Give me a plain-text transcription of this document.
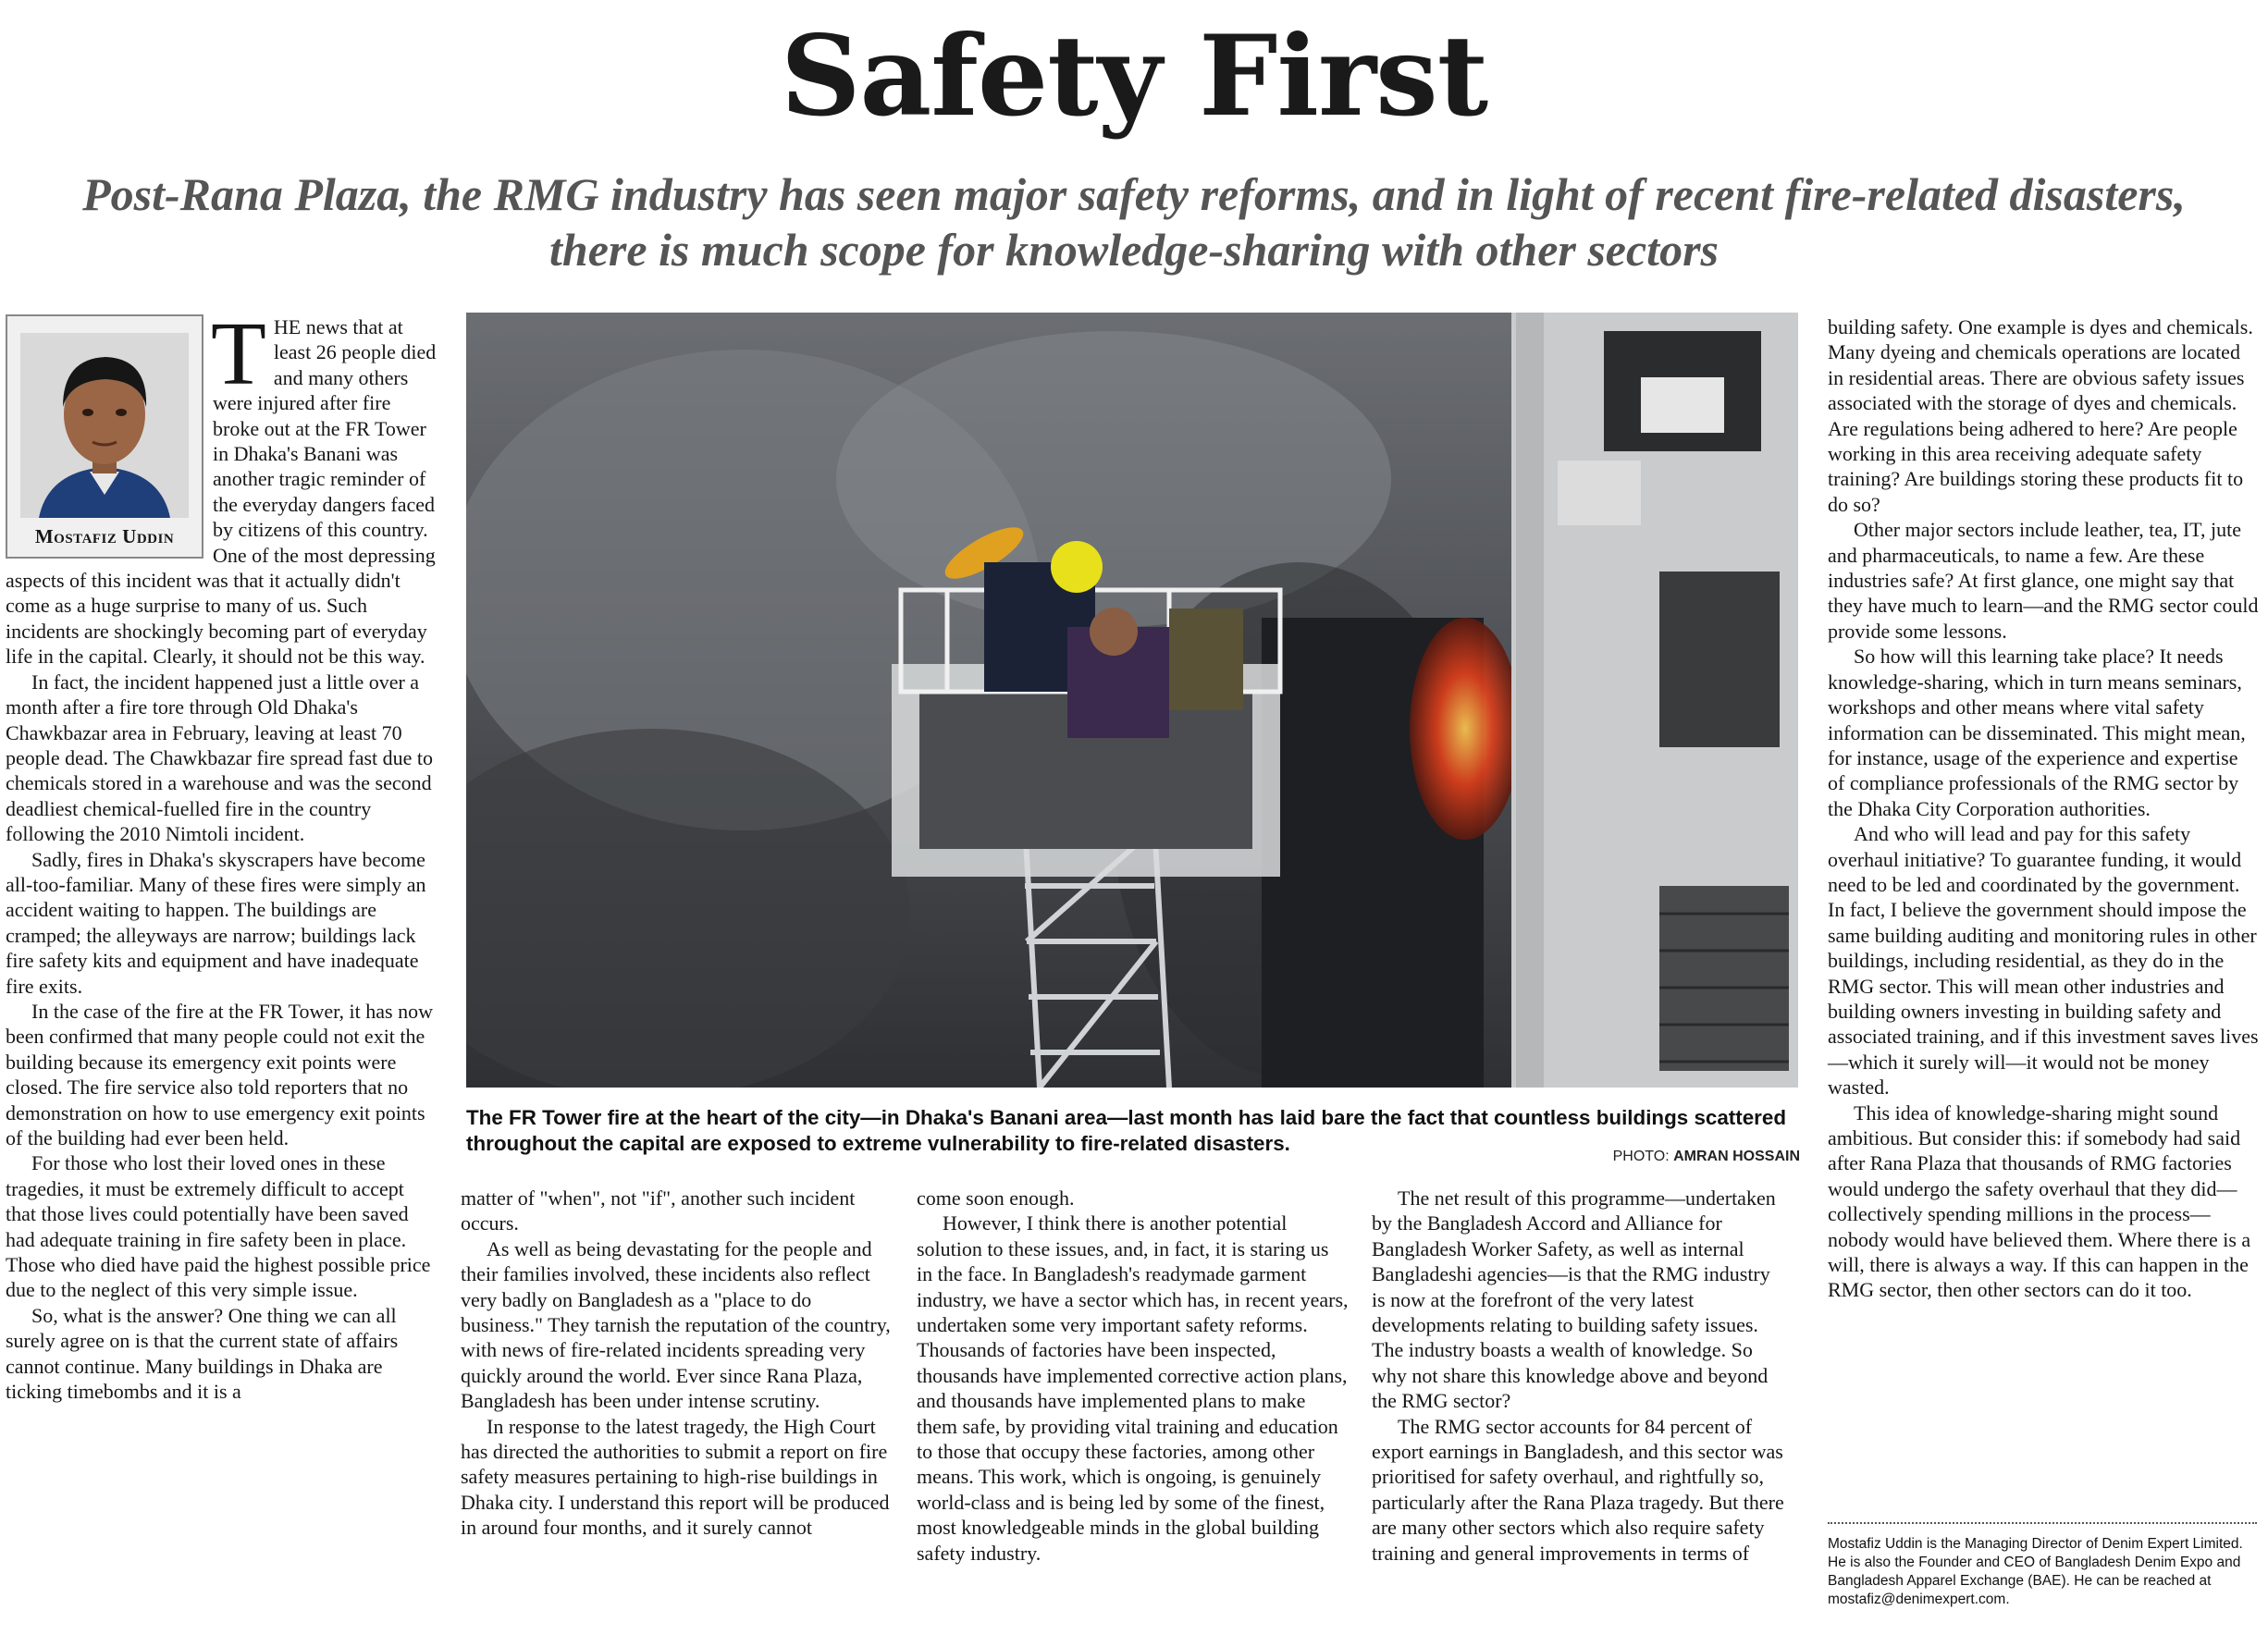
Safety First
Post-Rana Plaza, the RMG industry has seen major safety reforms, and in light of recent fire-related disasters, there is much scope for knowledge-sharing with other sectors
Mostafiz Uddin

THE news that at least 26 people died and many others were injured after fire broke out at the FR Tower in Dhaka's Banani was another tragic reminder of the everyday dangers faced by citizens of this country. One of the most depressing aspects of this incident was that it actually didn't come as a huge surprise to many of us. Such incidents are shockingly becoming part of everyday life in the capital. Clearly, it should not be this way.

In fact, the incident happened just a little over a month after a fire tore through Old Dhaka's Chawkbazar area in February, leaving at least 70 people dead. The Chawkbazar fire spread fast due to chemicals stored in a warehouse and was the second deadliest chemical-fuelled fire in the country following the 2010 Nimtoli incident.

Sadly, fires in Dhaka's skyscrapers have become all-too-familiar. Many of these fires were simply an accident waiting to happen. The buildings are cramped; the alleyways are narrow; buildings lack fire safety kits and equipment and have inadequate fire exits.

In the case of the fire at the FR Tower, it has now been confirmed that many people could not exit the building because its emergency exit points were closed. The fire service also told reporters that no demonstration on how to use emergency exit points of the building had ever been held.

For those who lost their loved ones in these tragedies, it must be extremely difficult to accept that those lives could potentially have been saved had adequate training in fire safety been in place. Those who died have paid the highest possible price due to the neglect of this very simple issue.

So, what is the answer? One thing we can all surely agree on is that the current state of affairs cannot continue. Many buildings in Dhaka are ticking timebombs and it is a

The FR Tower fire at the heart of the city—in Dhaka's Banani area—last month has laid bare the fact that countless buildings scattered throughout the capital are exposed to extreme vulnerability to fire-related disasters.
PHOTO: AMRAN HOSSAIN

matter of "when", not "if", another such incident occurs.

As well as being devastating for the people and their families involved, these incidents also reflect very badly on Bangladesh as a "place to do business." They tarnish the reputation of the country, with news of fire-related incidents spreading very quickly around the world. Ever since Rana Plaza, Bangladesh has been under intense scrutiny.

In response to the latest tragedy, the High Court has directed the authorities to submit a report on fire safety measures pertaining to high-rise buildings in Dhaka city. I understand this report will be produced in around four months, and it surely cannot

come soon enough.

However, I think there is another potential solution to these issues, and, in fact, it is staring us in the face. In Bangladesh's readymade garment industry, we have a sector which has, in recent years, undertaken some very important safety reforms. Thousands of factories have been inspected, thousands have implemented corrective action plans, and thousands have implemented plans to make them safe, by providing vital training and education to those that occupy these factories, among other means. This work, which is ongoing, is genuinely world-class and is being led by some of the finest, most knowledgeable minds in the global building safety industry.

The net result of this programme—undertaken by the Bangladesh Accord and Alliance for Bangladesh Worker Safety, as well as internal Bangladeshi agencies—is that the RMG industry is now at the forefront of the very latest developments relating to building safety issues. The industry boasts a wealth of knowledge. So why not share this knowledge above and beyond the RMG sector?

The RMG sector accounts for 84 percent of export earnings in Bangladesh, and this sector was prioritised for safety overhaul, and rightfully so, particularly after the Rana Plaza tragedy. But there are many other sectors which also require safety training and general improvements in terms of

building safety. One example is dyes and chemicals. Many dyeing and chemicals operations are located in residential areas. There are obvious safety issues associated with the storage of dyes and chemicals. Are regulations being adhered to here? Are people working in this area receiving adequate safety training? Are buildings storing these products fit to do so?

Other major sectors include leather, tea, IT, jute and pharmaceuticals, to name a few. Are these industries safe? At first glance, one might say that they have much to learn—and the RMG sector could provide some lessons.

So how will this learning take place? It needs knowledge-sharing, which in turn means seminars, workshops and other means where vital safety information can be disseminated. This might mean, for instance, usage of the experience and expertise of compliance professionals of the RMG sector by the Dhaka City Corporation authorities.

And who will lead and pay for this safety overhaul initiative? To guarantee funding, it would need to be led and coordinated by the government. In fact, I believe the government should impose the same building auditing and monitoring rules in other buildings, including residential, as they do in the RMG sector. This will mean other industries and building owners investing in building safety and associated training, and if this investment saves lives—which it surely will—it would not be money wasted.

This idea of knowledge-sharing might sound ambitious. But consider this: if somebody had said after Rana Plaza that thousands of RMG factories would undergo the safety overhaul that they did—collectively spending millions in the process—nobody would have believed them. Where there is a will, there is always a way. If this can happen in the RMG sector, then other sectors can do it too.

Mostafiz Uddin is the Managing Director of Denim Expert Limited. He is also the Founder and CEO of Bangladesh Denim Expo and Bangladesh Apparel Exchange (BAE). He can be reached at mostafiz@denimexpert.com.
